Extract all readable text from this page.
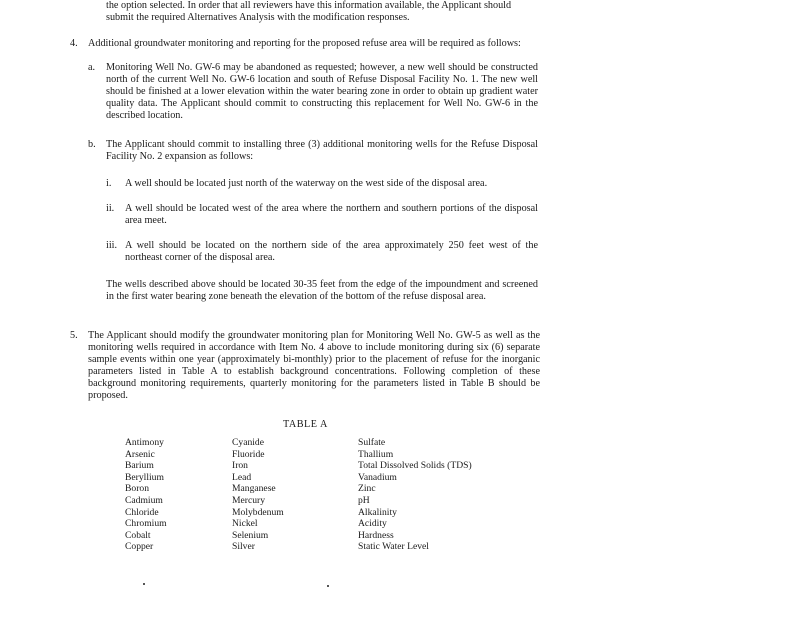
the option selected. In order that all reviewers have this information available, the Applicant should

submit the required Alternatives Analysis with the modification responses.

4. Additional groundwater monitoring and reporting for the proposed refuse area will be required as follows:

a. Monitoring Well No. GW-6 may be abandoned as requested; however, a new well should be constructed north of the current Well No. GW-6 location and south of Refuse Disposal Facility No. 1. The new well should be finished at a lower elevation within the water bearing zone in order to obtain up gradient water quality data. The Applicant should commit to constructing this replacement for Well No. GW-6 in the described location.

b. The Applicant should commit to installing three (3) additional monitoring wells for the Refuse Disposal Facility No. 2 expansion as follows:

i. A well should be located just north of the waterway on the west side of the disposal area.

ii. A well should be located west of the area where the northern and southern portions of the disposal area meet.

iii. A well should be located on the northern side of the area approximately 250 feet west of the northeast corner of the disposal area.

The wells described above should be located 30-35 feet from the edge of the impoundment and screened in the first water bearing zone beneath the elevation of the bottom of the refuse disposal area.

5. The Applicant should modify the groundwater monitoring plan for Monitoring Well No. GW-5 as well as the monitoring wells required in accordance with Item No. 4 above to include monitoring during six (6) separate sample events within one year (approximately bi-monthly) prior to the placement of refuse for the inorganic parameters listed in Table A to establish background concentrations. Following completion of these background monitoring requirements, quarterly monitoring for the parameters listed in Table B should be proposed.

TABLE A
Antimony
Arsenic
Barium
Beryllium
Boron
Cadmium
Chloride
Chromium
Cobalt
Copper
Cyanide
Fluoride
Iron
Lead
Manganese
Mercury
Molybdenum
Nickel
Selenium
Silver
Sulfate
Thallium
Total Dissolved Solids (TDS)
Vanadium
Zinc
pH
Alkalinity
Acidity
Hardness
Static Water Level
